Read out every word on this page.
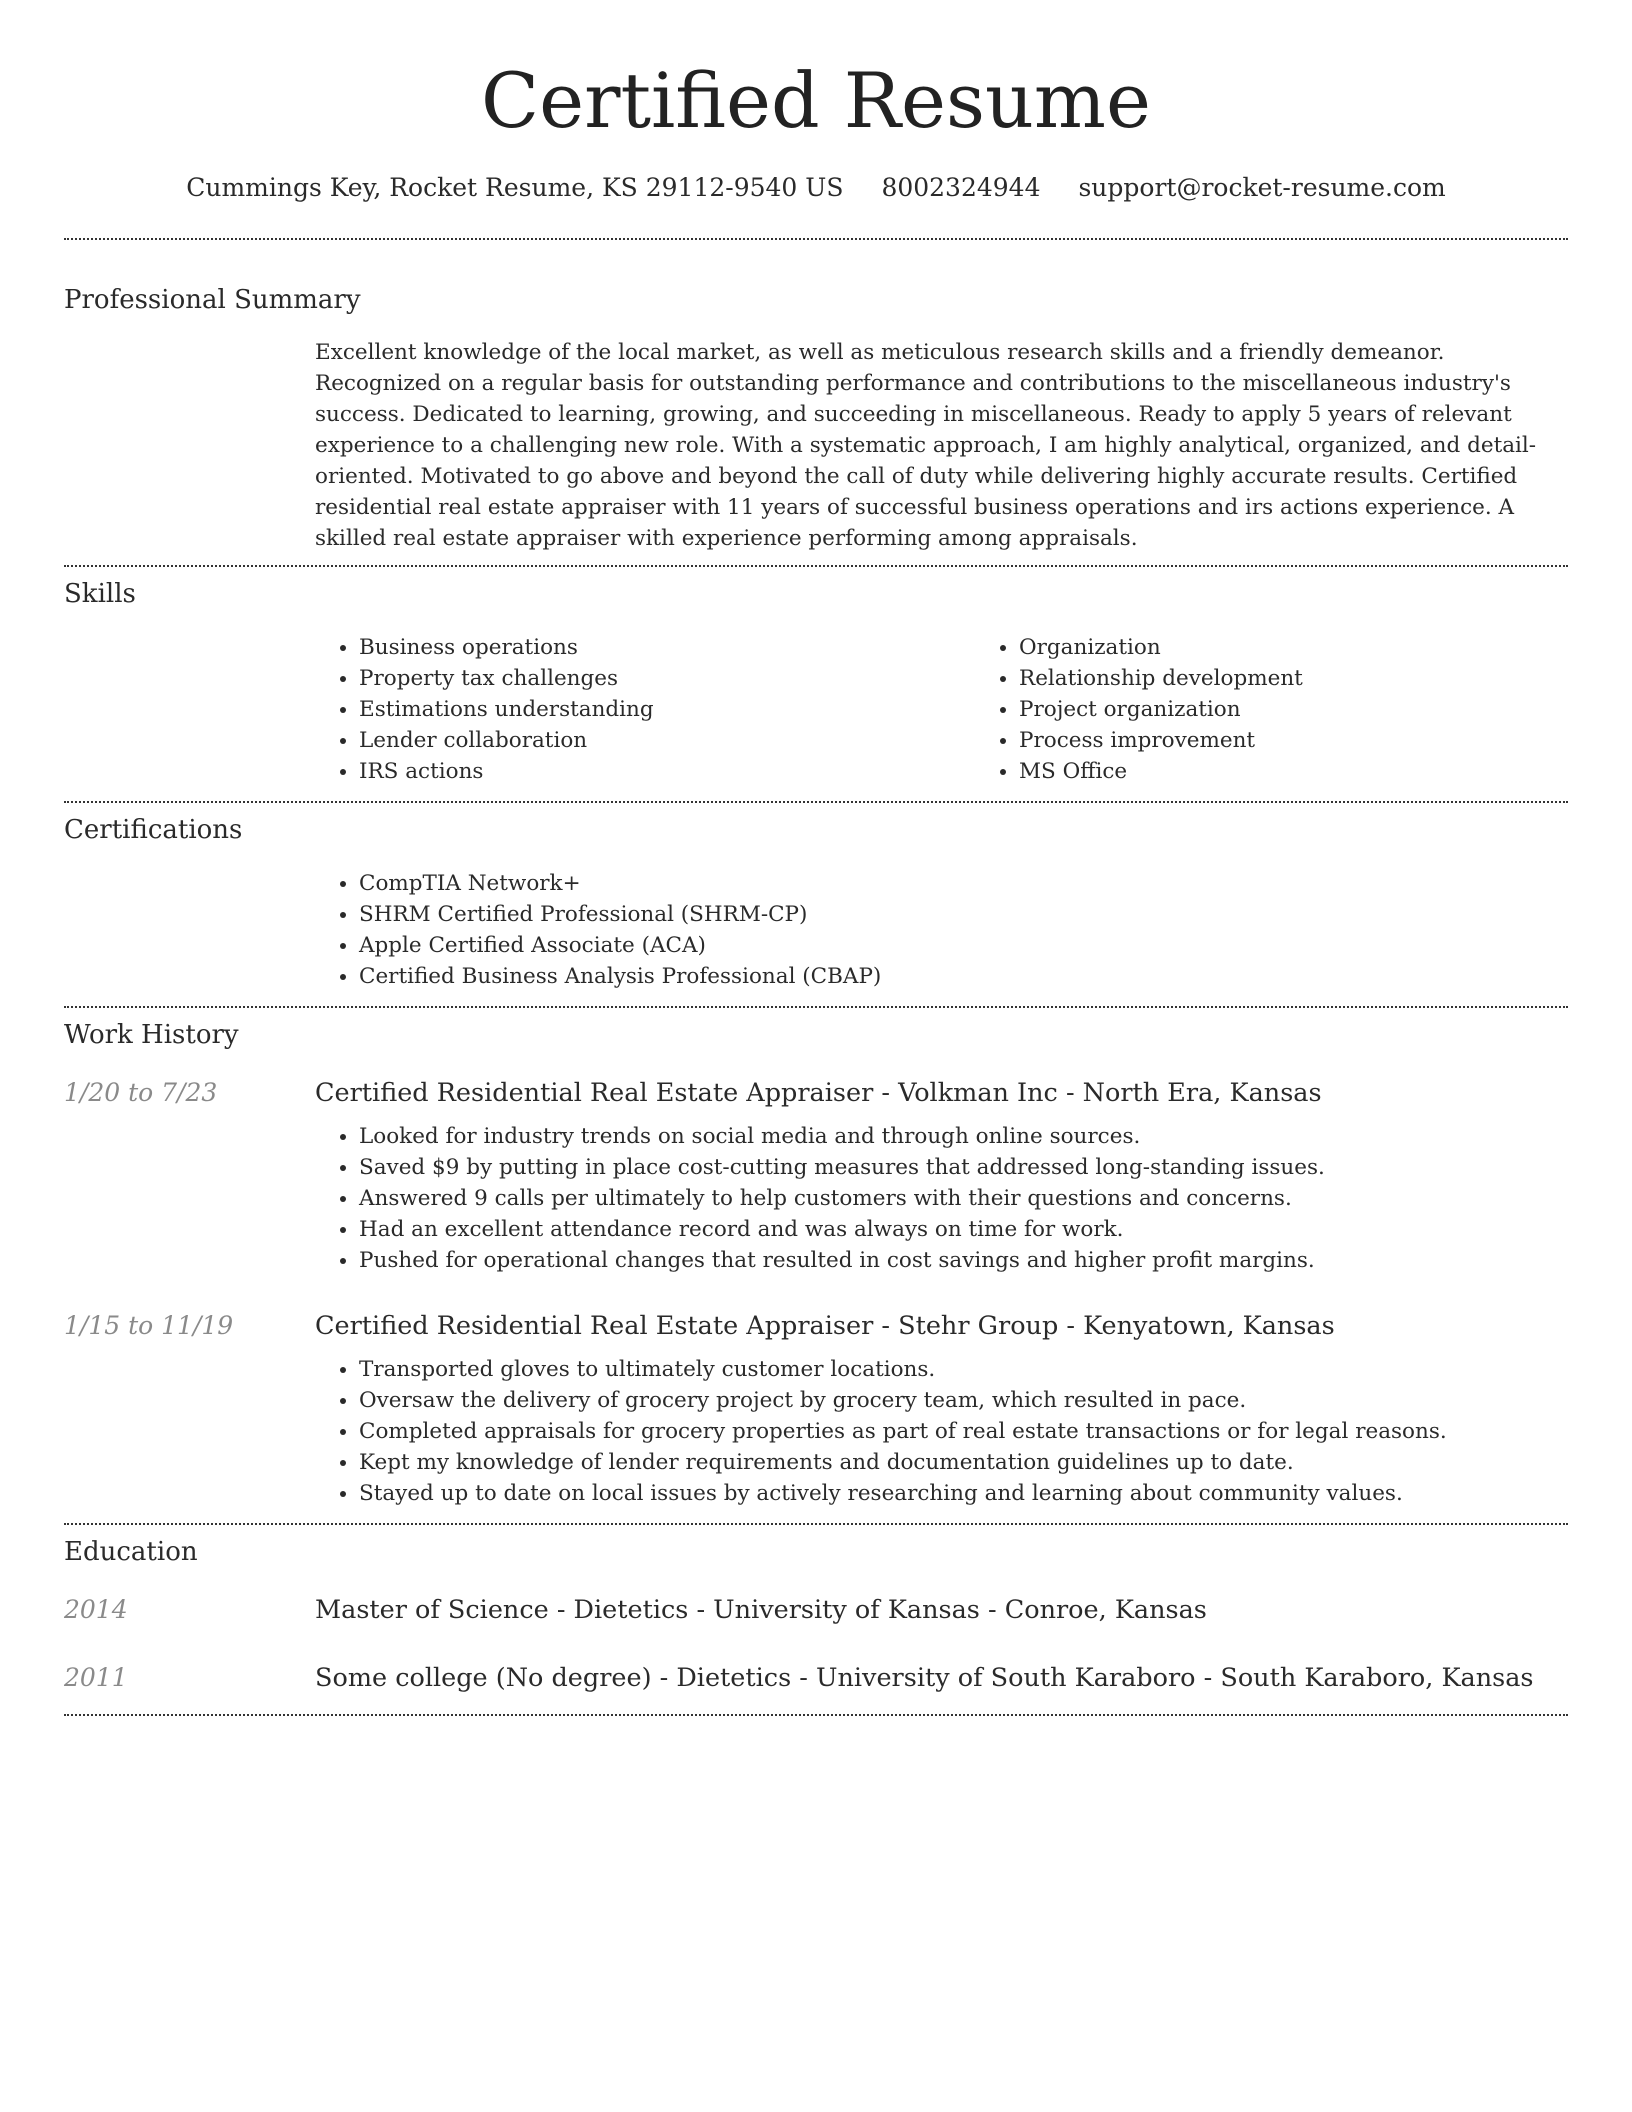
Certified Resume
Cummings Key, Rocket Resume, KS 29112-9540 US 8002324944 support@rocket-resume.com
Professional Summary

Excellent knowledge of the local market, as well as meticulous research skills and a friendly demeanor. Recognized on a regular basis for outstanding performance and contributions to the miscellaneous industry's success. Dedicated to learning, growing, and succeeding in miscellaneous. Ready to apply 5 years of relevant experience to a challenging new role. With a systematic approach, I am highly analytical, organized, and detail-oriented. Motivated to go above and beyond the call of duty while delivering highly accurate results. Certified residential real estate appraiser with 11 years of successful business operations and irs actions experience. A skilled real estate appraiser with experience performing among appraisals.

Skills
• Business operations
• Property tax challenges
• Estimations understanding
• Lender collaboration
• IRS actions
• Organization
• Relationship development
• Project organization
• Process improvement
• MS Office
Certifications
• CompTIA Network+
• SHRM Certified Professional (SHRM-CP)
• Apple Certified Associate (ACA)
• Certified Business Analysis Professional (CBAP)
Work History
1/20 to 7/23	Certified Residential Real Estate Appraiser - Volkman Inc - North Era, Kansas
• Looked for industry trends on social media and through online sources.
• Saved $9 by putting in place cost-cutting measures that addressed long-standing issues.
• Answered 9 calls per ultimately to help customers with their questions and concerns.
• Had an excellent attendance record and was always on time for work.
• Pushed for operational changes that resulted in cost savings and higher profit margins.
1/15 to 11/19	Certified Residential Real Estate Appraiser - Stehr Group - Kenyatown, Kansas
• Transported gloves to ultimately customer locations.
• Oversaw the delivery of grocery project by grocery team, which resulted in pace.
• Completed appraisals for grocery properties as part of real estate transactions or for legal reasons.
• Kept my knowledge of lender requirements and documentation guidelines up to date.
• Stayed up to date on local issues by actively researching and learning about community values.
Education
2014	Master of Science - Dietetics - University of Kansas - Conroe, Kansas
2011	Some college (No degree) - Dietetics - University of South Karaboro - South Karaboro, Kansas
